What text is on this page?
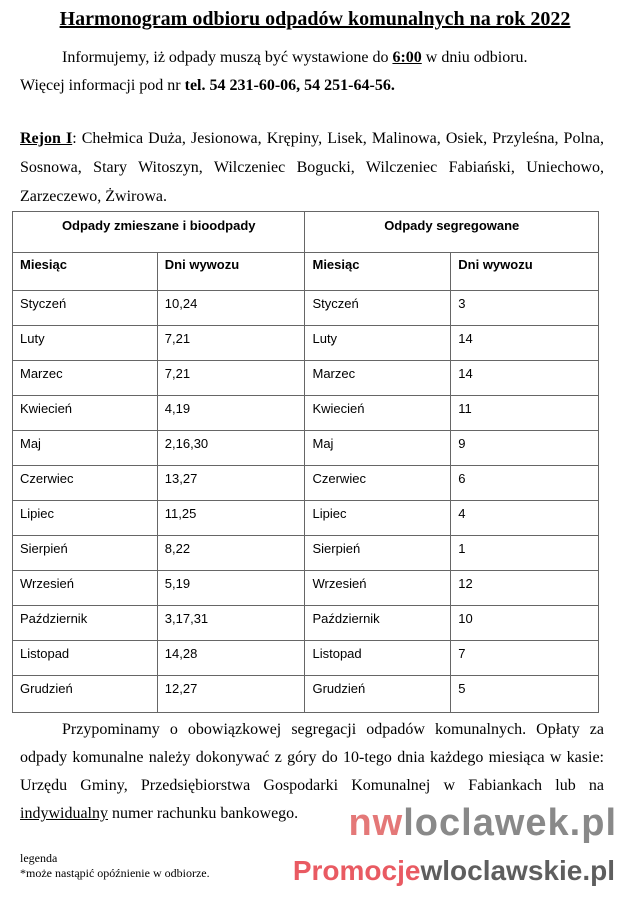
Harmonogram odbioru odpadów komunalnych na rok 2022
Informujemy, iż odpady muszą być wystawione do 6:00 w dniu odbioru.
Więcej informacji pod nr tel. 54 231-60-06, 54 251-64-56.
Rejon I: Chełmica Duża, Jesionowa, Krępiny, Lisek, Malinowa, Osiek, Przyleśna, Polna, Sosnowa, Stary Witoszyn, Wilczeniec Bogucki, Wilczeniec Fabiański, Uniechowo, Zarzeczewo, Żwirowa.
Odpady zmieszane i bioodpady		Odpady segregowane	
Miesiąc	Dni wywozu	Miesiąc	Dni wywozu
Styczeń	10,24	Styczeń	3
Luty	7,21	Luty	14
Marzec	7,21	Marzec	14
Kwiecień	4,19	Kwiecień	11
Maj	2,16,30	Maj	9
Czerwiec	13,27	Czerwiec	6
Lipiec	11,25	Lipiec	4
Sierpień	8,22	Sierpień	1
Wrzesień	5,19	Wrzesień	12
Październik	3,17,31	Październik	10
Listopad	14,28	Listopad	7
Grudzień	12,27	Grudzień	5
Przypominamy o obowiązkowej segregacji odpadów komunalnych. Opłaty za odpady komunalne należy dokonywać z góry do 10-tego dnia każdego miesiąca w kasie: Urzędu Gminy, Przedsiębiorstwa Gospodarki Komunalnej w Fabiankach lub na indywidualny numer rachunku bankowego.
legenda
*może nastąpić opóźnienie w odbiorze.
nwloclawek.pl
Promocjewloclawskie.pl
